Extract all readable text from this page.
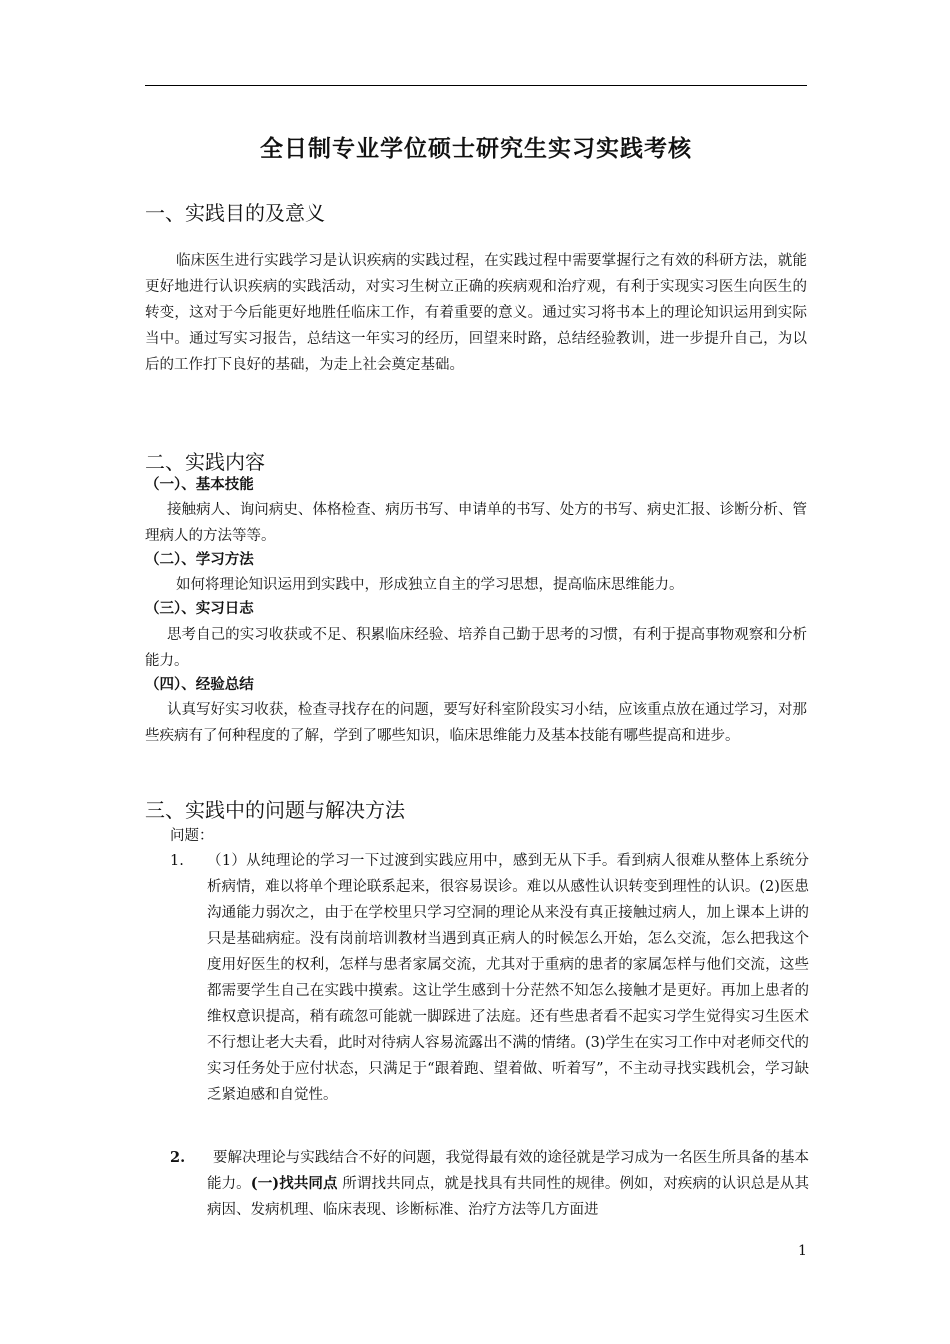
全日制专业学位硕士研究生实习实践考核
一、实践目的及意义

临床医生进行实践学习是认识疾病的实践过程，在实践过程中需要掌握行之有效的科研方法，就能更好地进行认识疾病的实践活动，对实习生树立正确的疾病观和治疗观，有利于实现实习医生向医生的转变，这对于今后能更好地胜任临床工作，有着重要的意义。通过实习将书本上的理论知识运用到实际当中。通过写实习报告，总结这一年实习的经历，回望来时路，总结经验教训，进一步提升自己，为以后的工作打下良好的基础，为走上社会奠定基础。

二、实践内容

（一）、基本技能

接触病人、询问病史、体格检查、病历书写、申请单的书写、处方的书写、病史汇报、诊断分析、管理病人的方法等等。

（二）、学习方法

如何将理论知识运用到实践中，形成独立自主的学习思想，提高临床思维能力。

（三）、实习日志

思考自己的实习收获或不足、积累临床经验、培养自己勤于思考的习惯，有利于提高事物观察和分析能力。

（四）、经验总结

认真写好实习收获，检查寻找存在的问题，要写好科室阶段实习小结，应该重点放在通过学习，对那些疾病有了何种程度的了解，学到了哪些知识，临床思维能力及基本技能有哪些提高和进步。

三、实践中的问题与解决方法

问题：

1. （1）从纯理论的学习一下过渡到实践应用中，感到无从下手。看到病人很难从整体上系统分析病情，难以将单个理论联系起来，很容易误诊。难以从感性认识转变到理性的认识。(2)医患沟通能力弱次之，由于在学校里只学习空洞的理论从来没有真正接触过病人，加上课本上讲的只是基础病症。没有岗前培训教材当遇到真正病人的时候怎么开始，怎么交流，怎么把我这个度用好医生的权利，怎样与患者家属交流，尤其对于重病的患者的家属怎样与他们交流，这些都需要学生自己在实践中摸索。这让学生感到十分茫然不知怎么接触才是更好。再加上患者的维权意识提高，稍有疏忽可能就一脚踩进了法庭。还有些患者看不起实习学生觉得实习生医术不行想让老大夫看，此时对待病人容易流露出不满的情绪。(3)学生在实习工作中对老师交代的实习任务处于应付状态，只满足于“跟着跑、望着做、听着写”，不主动寻找实践机会，学习缺乏紧迫感和自觉性。

2.	要解决理论与实践结合不好的问题，我觉得最有效的途径就是学习成为一名医生所具备的基本能力。(一)找共同点 所谓找共同点，就是找具有共同性的规律。例如，对疾病的认识总是从其病因、发病机理、临床表现、诊断标准、治疗方法等几方面进

1
